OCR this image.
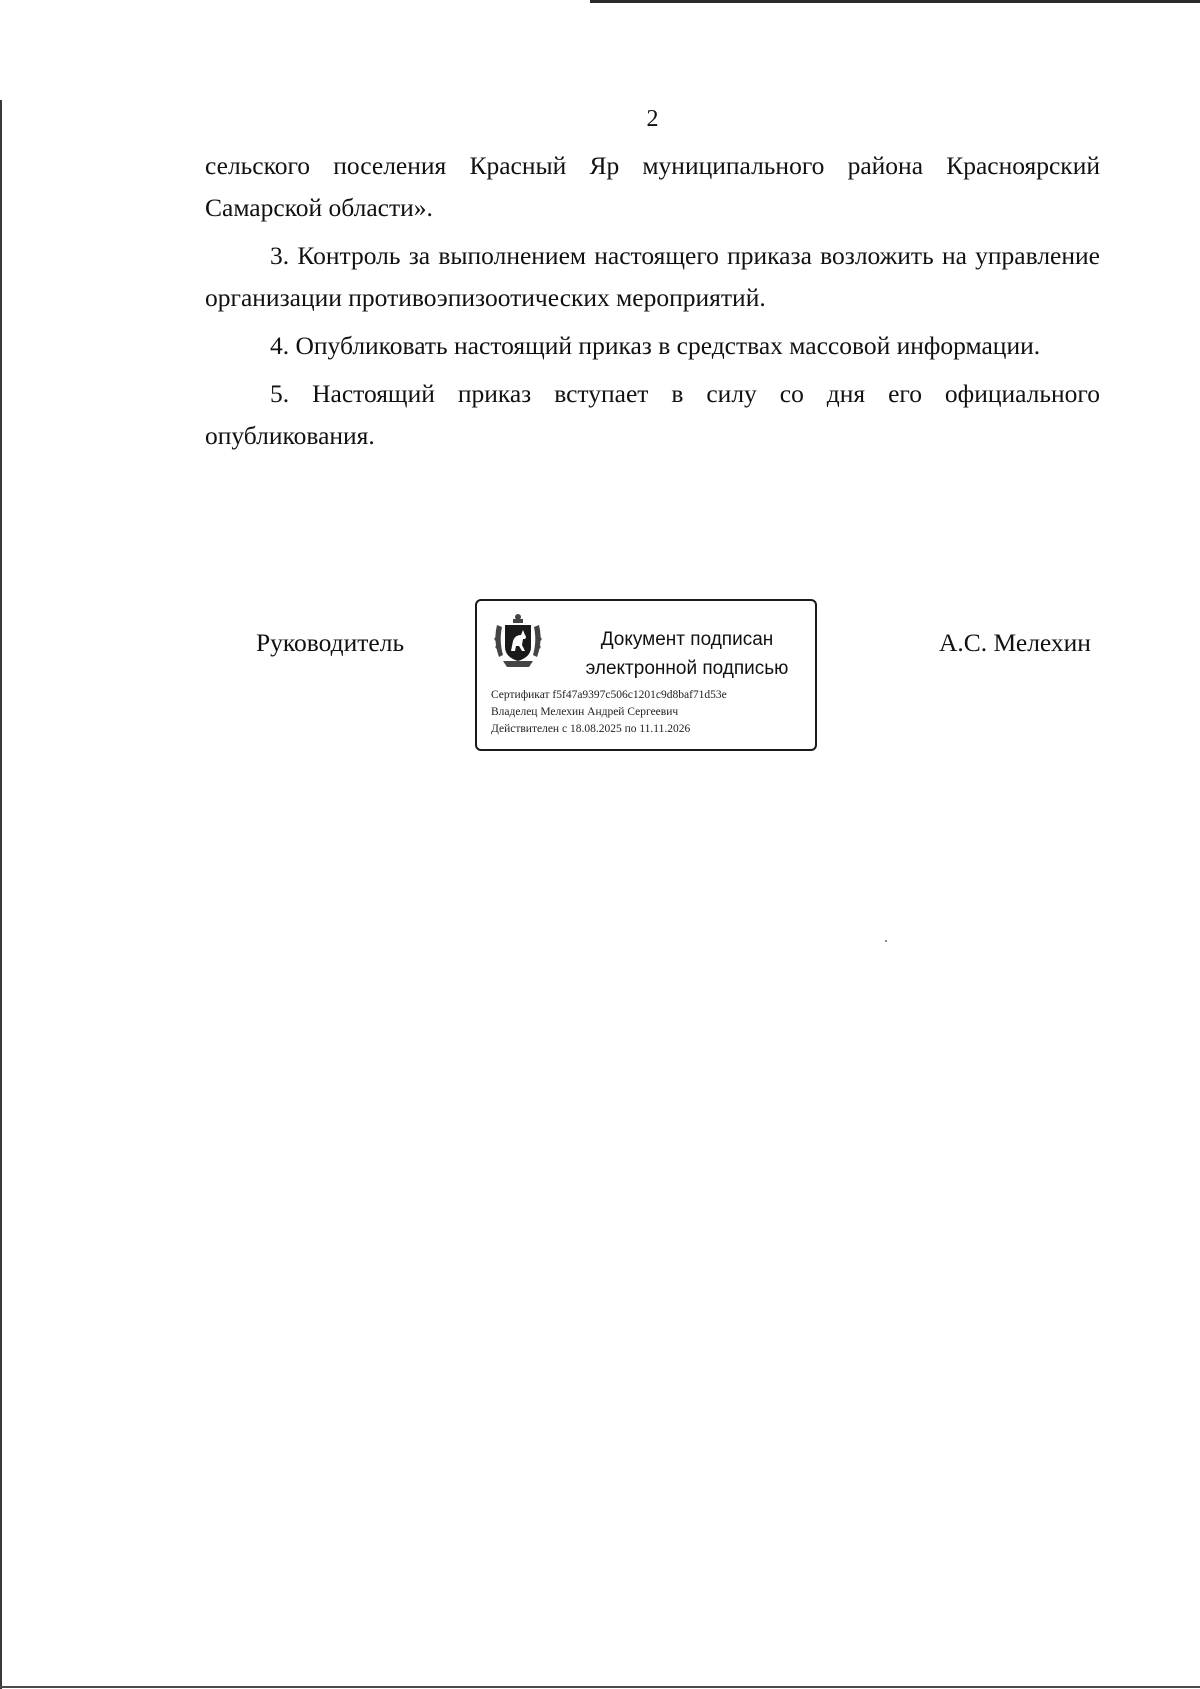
2

сельского поселения Красный Яр муниципального района Красноярский Самарской области».

3. Контроль за выполнением настоящего приказа возложить на управление организации противоэпизоотических мероприятий.

4. Опубликовать настоящий приказ в средствах массовой информации.

5. Настоящий приказ вступает в силу со дня его официального опубликования.

Руководитель	Документ подписан
электронной подписью
Сертификат f5f47a9397c506c1201c9d8baf71d53e
Владелец Мелехин Андрей Сергеевич
Действителен с 18.08.2025 по 11.11.2026
А.С. Мелехин
